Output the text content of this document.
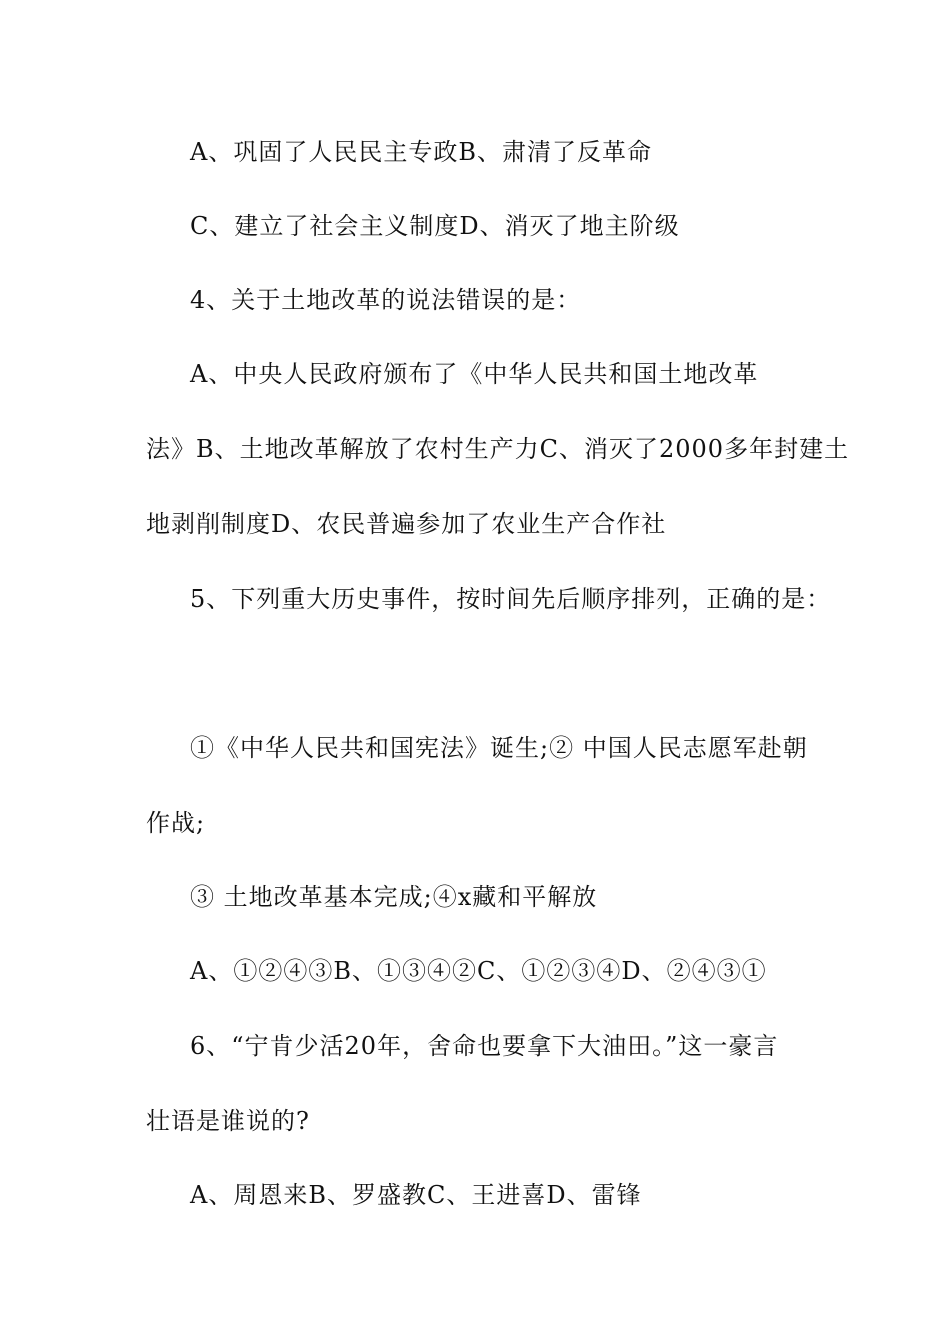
A、巩固了人民民主专政B、肃清了反革命
C、建立了社会主义制度D、消灭了地主阶级
4、关于土地改革的说法错误的是：
A、中央人民政府颁布了《中华人民共和国土地改革
法》B、土地改革解放了农村生产力C、消灭了2000多年封建土
地剥削制度D、农民普遍参加了农业生产合作社
5、下列重大历史事件，按时间先后顺序排列，正确的是：
①《中华人民共和国宪法》诞生;② 中国人民志愿军赴朝
作战;
③ 土地改革基本完成;④x藏和平解放
A、①②④③B、①③④②C、①②③④D、②④③①
6、“宁肯少活20年，舍命也要拿下大油田。”这一豪言
壮语是谁说的?
A、周恩来B、罗盛教C、王进喜D、雷锋
